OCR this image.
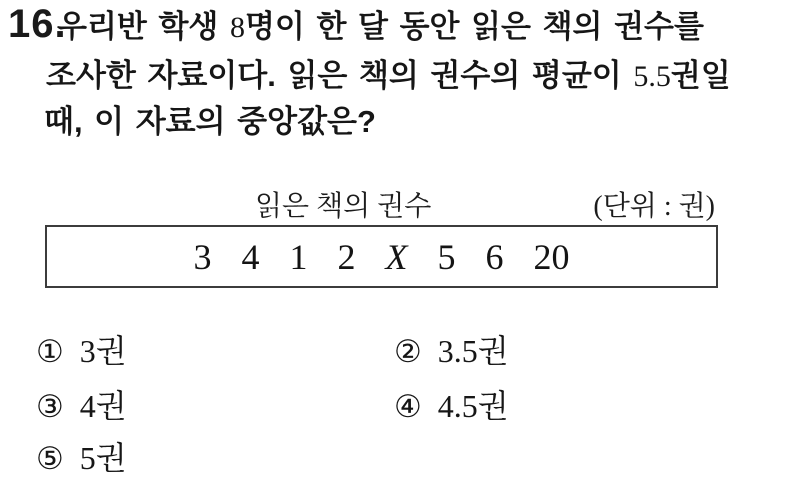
16.
우리반 학생 8명이 한 달 동안 읽은 책의 권수를
조사한 자료이다. 읽은 책의 권수의 평균이 5.5권일
때, 이 자료의 중앙값은?
읽은 책의 권수	(단위 : 권)
3 4 1 2 X 5 6 20
① 3권	② 3.5권
③ 4권	④ 4.5권
⑤ 5권
